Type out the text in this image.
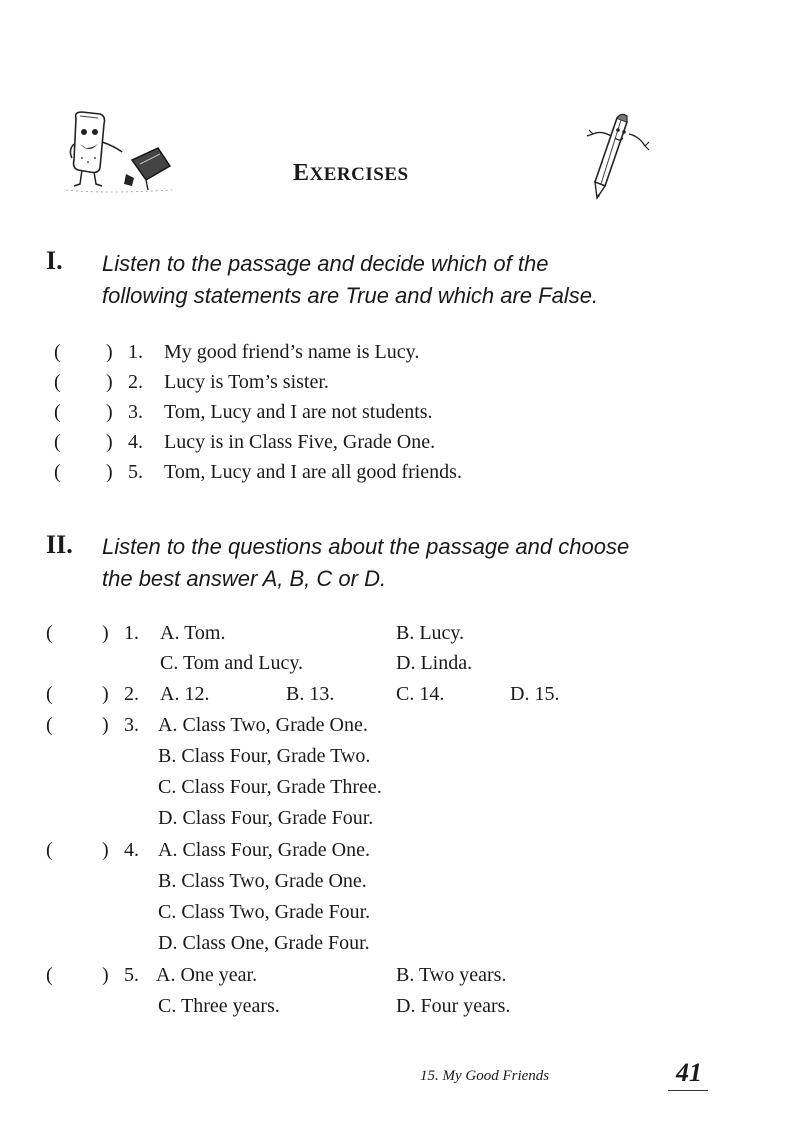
EXERCISES
I. Listen to the passage and decide which of the
following statements are True and which are False.
( ) 1. My good friend’s name is Lucy.
( ) 2. Lucy is Tom’s sister.
( ) 3. Tom, Lucy and I are not students.
( ) 4. Lucy is in Class Five, Grade One.
( ) 5. Tom, Lucy and I are all good friends.
II. Listen to the questions about the passage and choose
the best answer A, B, C or D.
( ) 1. A. Tom.	B. Lucy.
C. Tom and Lucy.	D. Linda.
( ) 2. A. 12.	B. 13.	C. 14.	D. 15.
( ) 3. A. Class Two, Grade One.
B. Class Four, Grade Two.
C. Class Four, Grade Three.
D. Class Four, Grade Four.
( ) 4. A. Class Four, Grade One.
B. Class Two, Grade One.
C. Class Two, Grade Four.
D. Class One, Grade Four.
( ) 5. A. One year.	B. Two years.
C. Three years.	D. Four years.
15. My Good Friends	41
